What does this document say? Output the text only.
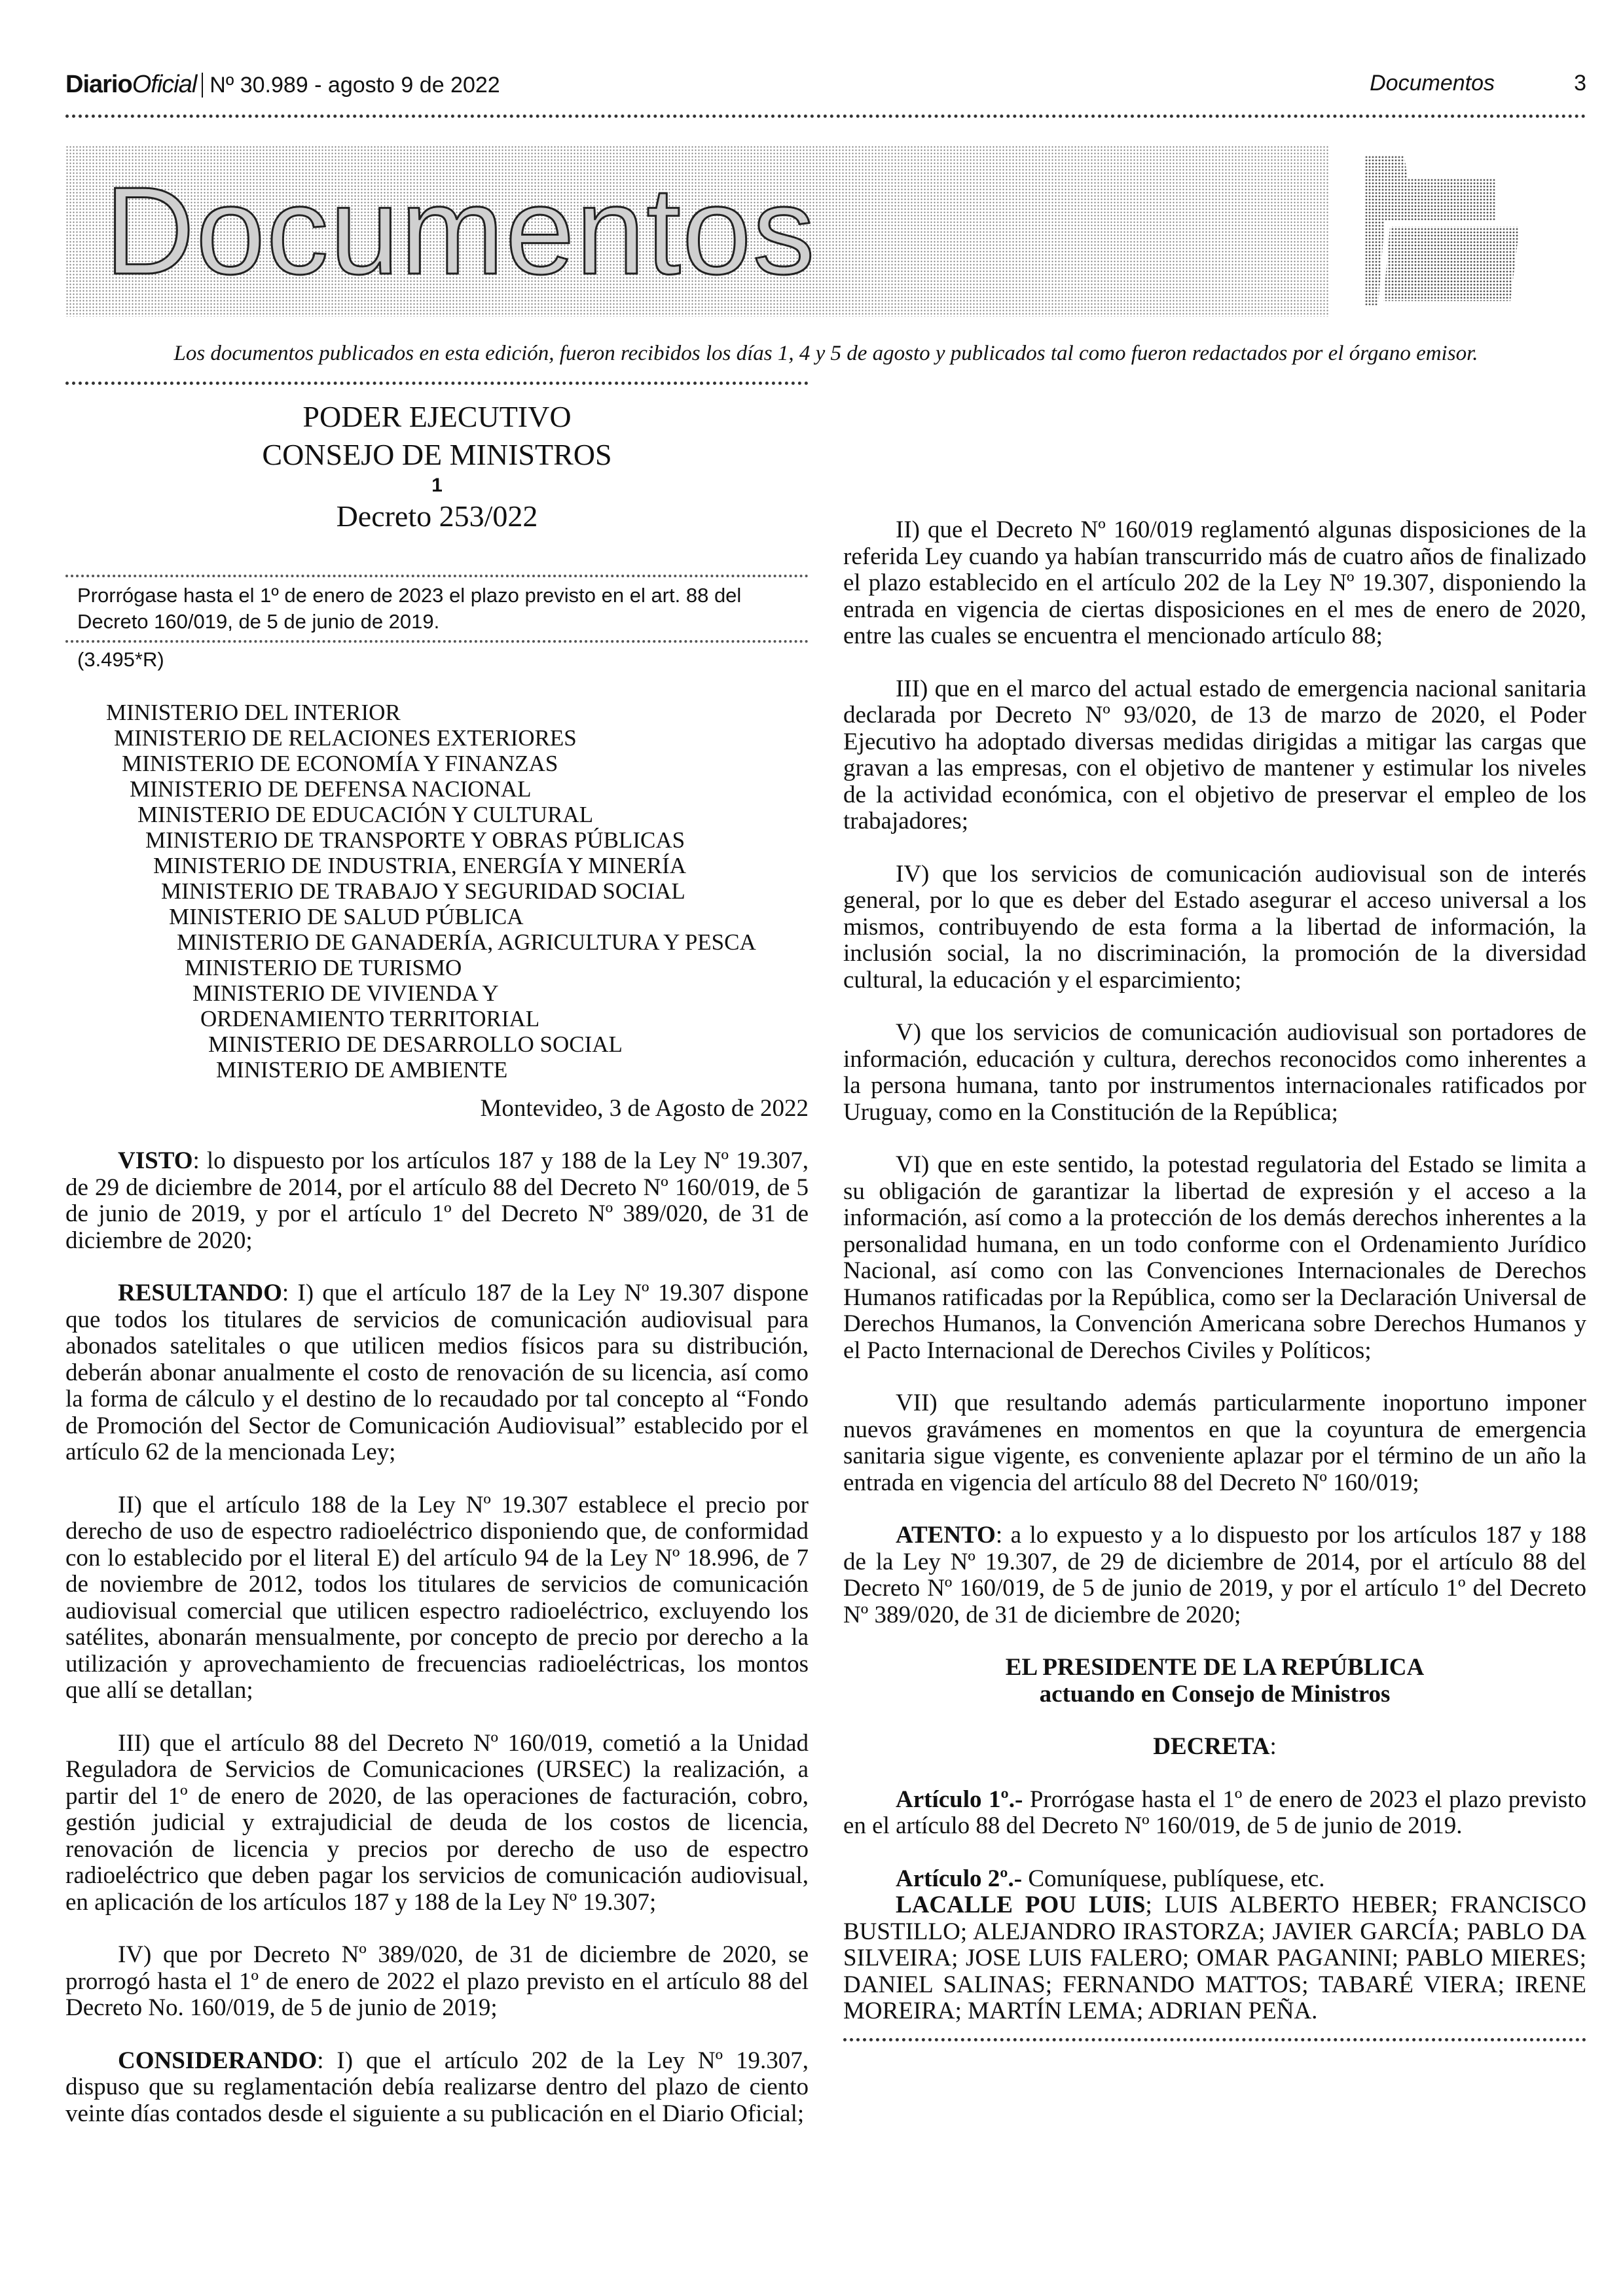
DiarioOficial Nº 30.989 - agosto 9 de 2022	Documentos	3
Documentos
Los documentos publicados en esta edición, fueron recibidos los días 1, 4 y 5 de agosto y publicados tal como fueron redactados por el órgano emisor.
PODER EJECUTIVO
CONSEJO DE MINISTROS
1
Decreto 253/022
Prorrógase hasta el 1º de enero de 2023 el plazo previsto en el art. 88 del Decreto 160/019, de 5 de junio de 2019.
(3.495*R)
MINISTERIO DEL INTERIOR
MINISTERIO DE RELACIONES EXTERIORES
MINISTERIO DE ECONOMÍA Y FINANZAS
MINISTERIO DE DEFENSA NACIONAL
MINISTERIO DE EDUCACIÓN Y CULTURAL
MINISTERIO DE TRANSPORTE Y OBRAS PÚBLICAS
MINISTERIO DE INDUSTRIA, ENERGÍA Y MINERÍA
MINISTERIO DE TRABAJO Y SEGURIDAD SOCIAL
MINISTERIO DE SALUD PÚBLICA
MINISTERIO DE GANADERÍA, AGRICULTURA Y PESCA
MINISTERIO DE TURISMO
MINISTERIO DE VIVIENDA Y
ORDENAMIENTO TERRITORIAL
MINISTERIO DE DESARROLLO SOCIAL
MINISTERIO DE AMBIENTE
Montevideo, 3 de Agosto de 2022

VISTO: lo dispuesto por los artículos 187 y 188 de la Ley Nº 19.307, de 29 de diciembre de 2014, por el artículo 88 del Decreto Nº 160/019, de 5 de junio de 2019, y por el artículo 1º del Decreto Nº 389/020, de 31 de diciembre de 2020;

RESULTANDO: I) que el artículo 187 de la Ley Nº 19.307 dispone que todos los titulares de servicios de comunicación audiovisual para abonados satelitales o que utilicen medios físicos para su distribución, deberán abonar anualmente el costo de renovación de su licencia, así como la forma de cálculo y el destino de lo recaudado por tal concepto al “Fondo de Promoción del Sector de Comunicación Audiovisual” establecido por el artículo 62 de la mencionada Ley;

II) que el artículo 188 de la Ley Nº 19.307 establece el precio por derecho de uso de espectro radioeléctrico disponiendo que, de conformidad con lo establecido por el literal E) del artículo 94 de la Ley Nº 18.996, de 7 de noviembre de 2012, todos los titulares de servicios de comunicación audiovisual comercial que utilicen espectro radioeléctrico, excluyendo los satélites, abonarán mensualmente, por concepto de precio por derecho a la utilización y aprovechamiento de frecuencias radioeléctricas, los montos que allí se detallan;

III) que el artículo 88 del Decreto Nº 160/019, cometió a la Unidad Reguladora de Servicios de Comunicaciones (URSEC) la realización, a partir del 1º de enero de 2020, de las operaciones de facturación, cobro, gestión judicial y extrajudicial de deuda de los costos de licencia, renovación de licencia y precios por derecho de uso de espectro radioeléctrico que deben pagar los servicios de comunicación audiovisual, en aplicación de los artículos 187 y 188 de la Ley Nº 19.307;

IV) que por Decreto Nº 389/020, de 31 de diciembre de 2020, se prorrogó hasta el 1º de enero de 2022 el plazo previsto en el artículo 88 del Decreto No. 160/019, de 5 de junio de 2019;

CONSIDERANDO: I) que el artículo 202 de la Ley Nº 19.307, dispuso que su reglamentación debía realizarse dentro del plazo de ciento veinte días contados desde el siguiente a su publicación en el Diario Oficial;

II) que el Decreto Nº 160/019 reglamentó algunas disposiciones de la referida Ley cuando ya habían transcurrido más de cuatro años de finalizado el plazo establecido en el artículo 202 de la Ley Nº 19.307, disponiendo la entrada en vigencia de ciertas disposiciones en el mes de enero de 2020, entre las cuales se encuentra el mencionado artículo 88;

III) que en el marco del actual estado de emergencia nacional sanitaria declarada por Decreto Nº 93/020, de 13 de marzo de 2020, el Poder Ejecutivo ha adoptado diversas medidas dirigidas a mitigar las cargas que gravan a las empresas, con el objetivo de mantener y estimular los niveles de la actividad económica, con el objetivo de preservar el empleo de los trabajadores;

IV) que los servicios de comunicación audiovisual son de interés general, por lo que es deber del Estado asegurar el acceso universal a los mismos, contribuyendo de esta forma a la libertad de información, la inclusión social, la no discriminación, la promoción de la diversidad cultural, la educación y el esparcimiento;

V) que los servicios de comunicación audiovisual son portadores de información, educación y cultura, derechos reconocidos como inherentes a la persona humana, tanto por instrumentos internacionales ratificados por Uruguay, como en la Constitución de la República;

VI) que en este sentido, la potestad regulatoria del Estado se limita a su obligación de garantizar la libertad de expresión y el acceso a la información, así como a la protección de los demás derechos inherentes a la personalidad humana, en un todo conforme con el Ordenamiento Jurídico Nacional, así como con las Convenciones Internacionales de Derechos Humanos ratificadas por la República, como ser la Declaración Universal de Derechos Humanos, la Convención Americana sobre Derechos Humanos y el Pacto Internacional de Derechos Civiles y Políticos;

VII) que resultando además particularmente inoportuno imponer nuevos gravámenes en momentos en que la coyuntura de emergencia sanitaria sigue vigente, es conveniente aplazar por el término de un año la entrada en vigencia del artículo 88 del Decreto Nº 160/019;

ATENTO: a lo expuesto y a lo dispuesto por los artículos 187 y 188 de la Ley Nº 19.307, de 29 de diciembre de 2014, por el artículo 88 del Decreto Nº 160/019, de 5 de junio de 2019, y por el artículo 1º del Decreto Nº 389/020, de 31 de diciembre de 2020;

EL PRESIDENTE DE LA REPÚBLICA
actuando en Consejo de Ministros
DECRETA:

Artículo 1º.- Prorrógase hasta el 1º de enero de 2023 el plazo previsto en el artículo 88 del Decreto Nº 160/019, de 5 de junio de 2019.

Artículo 2º.- Comuníquese, publíquese, etc.

LACALLE POU LUIS; LUIS ALBERTO HEBER; FRANCISCO BUSTILLO; ALEJANDRO IRASTORZA; JAVIER GARCÍA; PABLO DA SILVEIRA; JOSE LUIS FALERO; OMAR PAGANINI; PABLO MIERES; DANIEL SALINAS; FERNANDO MATTOS; TABARÉ VIERA; IRENE MOREIRA; MARTÍN LEMA; ADRIAN PEÑA.
